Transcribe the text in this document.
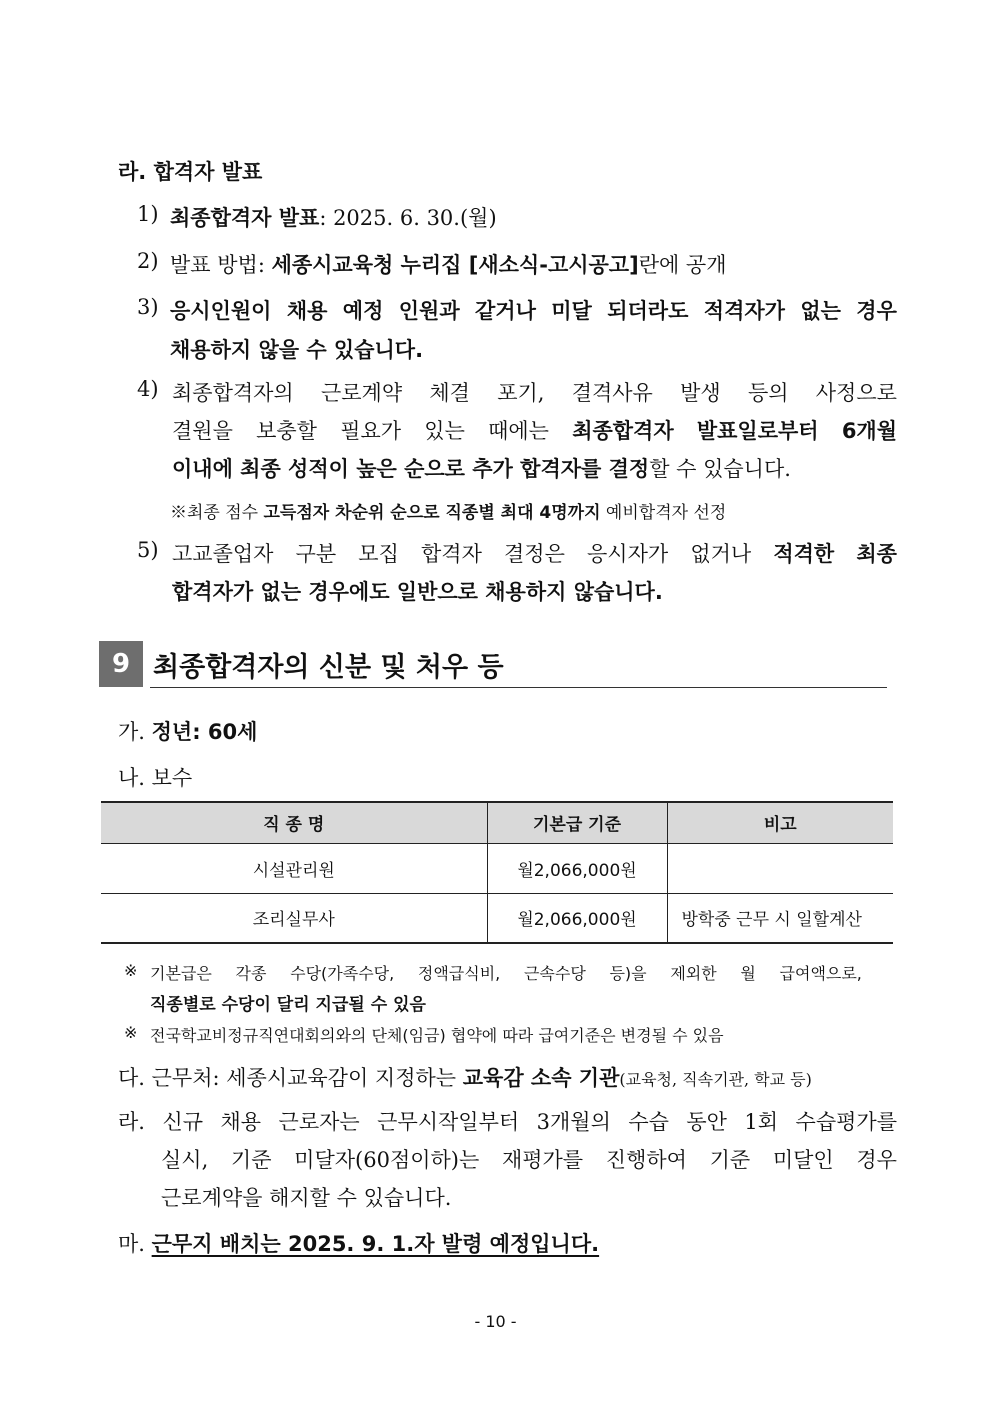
라. 합격자 발표
1) 최종합격자 발표: 2025. 6. 30.(월)
2) 발표 방법: 세종시교육청 누리집 [새소식-고시공고]란에 공개
3) 응시인원이 채용 예정 인원과 같거나 미달 되더라도 적격자가 없는 경우
채용하지 않을 수 있습니다.
4) 최종합격자의 근로계약 체결 포기, 결격사유 발생 등의 사정으로
결원을 보충할 필요가 있는 때에는 최종합격자 발표일로부터 6개월
이내에 최종 성적이 높은 순으로 추가 합격자를 결정할 수 있습니다.
※최종 점수 고득점자 차순위 순으로 직종별 최대 4명까지 예비합격자 선정
5) 고교졸업자 구분 모집 합격자 결정은 응시자가 없거나 적격한 최종
합격자가 없는 경우에도 일반으로 채용하지 않습니다.
9 최종합격자의 신분 및 처우 등
가. 정년: 60세
나. 보수
직 종 명	기본급 기준	비고
시설관리원	월2,066,000원	
조리실무사	월2,066,000원	방학중 근무 시 일할계산
※ 기본급은 각종 수당(가족수당, 정액급식비, 근속수당 등)을 제외한 월 급여액으로,
직종별로 수당이 달리 지급될 수 있음
※ 전국학교비정규직연대회의와의 단체(임금) 협약에 따라 급여기준은 변경될 수 있음
다. 근무처: 세종시교육감이 지정하는 교육감 소속 기관(교육청, 직속기관, 학교 등)
라. 신규 채용 근로자는 근무시작일부터 3개월의 수습 동안 1회 수습평가를
실시, 기준 미달자(60점이하)는 재평가를 진행하여 기준 미달인 경우
근로계약을 해지할 수 있습니다.
마. 근무지 배치는 2025. 9. 1.자 발령 예정입니다.
- 10 -
